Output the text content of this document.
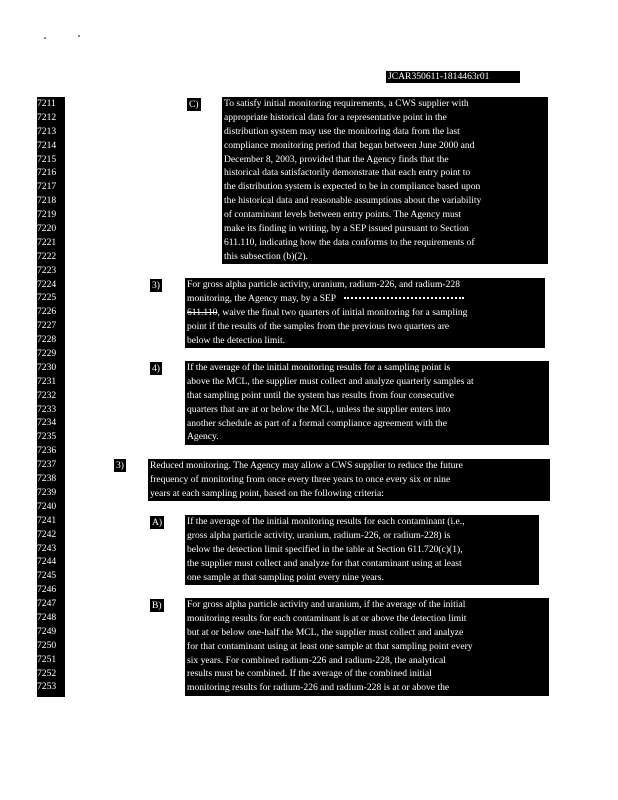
JCAR350611-1814463r01
7211
7212
7213
7214
7215
7216
7217
7218
7219
7220
7221
7222
7223
7224
7225
7226
7227
7228
7229
7230
7231
7232
7233
7234
7235
7236
7237
7238
7239
7240
7241
7242
7243
7244
7245
7246
7247
7248
7249
7250
7251
7252
7253
C)	To satisfy initial monitoring requirements, a CWS supplier with
appropriate historical data for a representative point in the
distribution system may use the monitoring data from the last
compliance monitoring period that began between June 2000 and
December 8, 2003, provided that the Agency finds that the
historical data satisfactorily demonstrate that each entry point to
the distribution system is expected to be in compliance based upon
the historical data and reasonable assumptions about the variability
of contaminant levels between entry points. The Agency must
make its finding in writing, by a SEP issued pursuant to Section
611.110, indicating how the data conforms to the requirements of
this subsection (b)(2).
3)	For gross alpha particle activity, uranium, radium-226, and radium-228
monitoring, the Agency may, by a SEP
611.110, waive the final two quarters of initial monitoring for a sampling
point if the results of the samples from the previous two quarters are
below the detection limit.
4)	If the average of the initial monitoring results for a sampling point is
above the MCL, the supplier must collect and analyze quarterly samples at
that sampling point until the system has results from four consecutive
quarters that are at or below the MCL, unless the supplier enters into
another schedule as part of a formal compliance agreement with the
Agency.
3)	Reduced monitoring. The Agency may allow a CWS supplier to reduce the future
frequency of monitoring from once every three years to once every six or nine
years at each sampling point, based on the following criteria:
A)	If the average of the initial monitoring results for each contaminant (i.e.,
gross alpha particle activity, uranium, radium-226, or radium-228) is
below the detection limit specified in the table at Section 611.720(c)(1),
the supplier must collect and analyze for that contaminant using at least
one sample at that sampling point every nine years.
B)	For gross alpha particle activity and uranium, if the average of the initial
monitoring results for each contaminant is at or above the detection limit
but at or below one-half the MCL, the supplier must collect and analyze
for that contaminant using at least one sample at that sampling point every
six years. For combined radium-226 and radium-228, the analytical
results must be combined. If the average of the combined initial
monitoring results for radium-226 and radium-228 is at or above the
